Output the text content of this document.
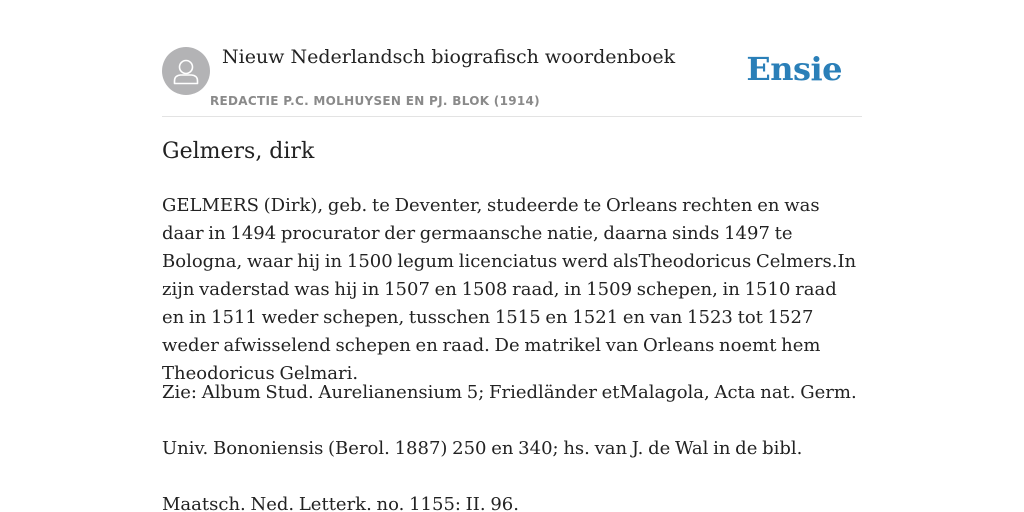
Nieuw Nederlandsch biografisch woordenboek
REDACTIE P.C. MOLHUYSEN EN PJ. BLOK (1914)
Ensie
Gelmers, dirk

GELMERS (Dirk), geb. te Deventer, studeerde te Orleans rechten en was daar in 1494 procurator der germaansche natie, daarna sinds 1497 te Bologna, waar hij in 1500 legum licenciatus werd alsTheodoricus Celmers.In zijn vaderstad was hij in 1507 en 1508 raad, in 1509 schepen, in 1510 raad en in 1511 weder schepen, tusschen 1515 en 1521 en van 1523 tot 1527 weder afwisselend schepen en raad. De matrikel van Orleans noemt hem Theodoricus Gelmari.

Zie: Album Stud. Aurelianensium 5; Friedländer etMalagola, Acta nat. Germ.

Univ. Bononiensis (Berol. 1887) 250 en 340; hs. van J. de Wal in de bibl.

Maatsch. Ned. Letterk. no. 1155: II. 96.
